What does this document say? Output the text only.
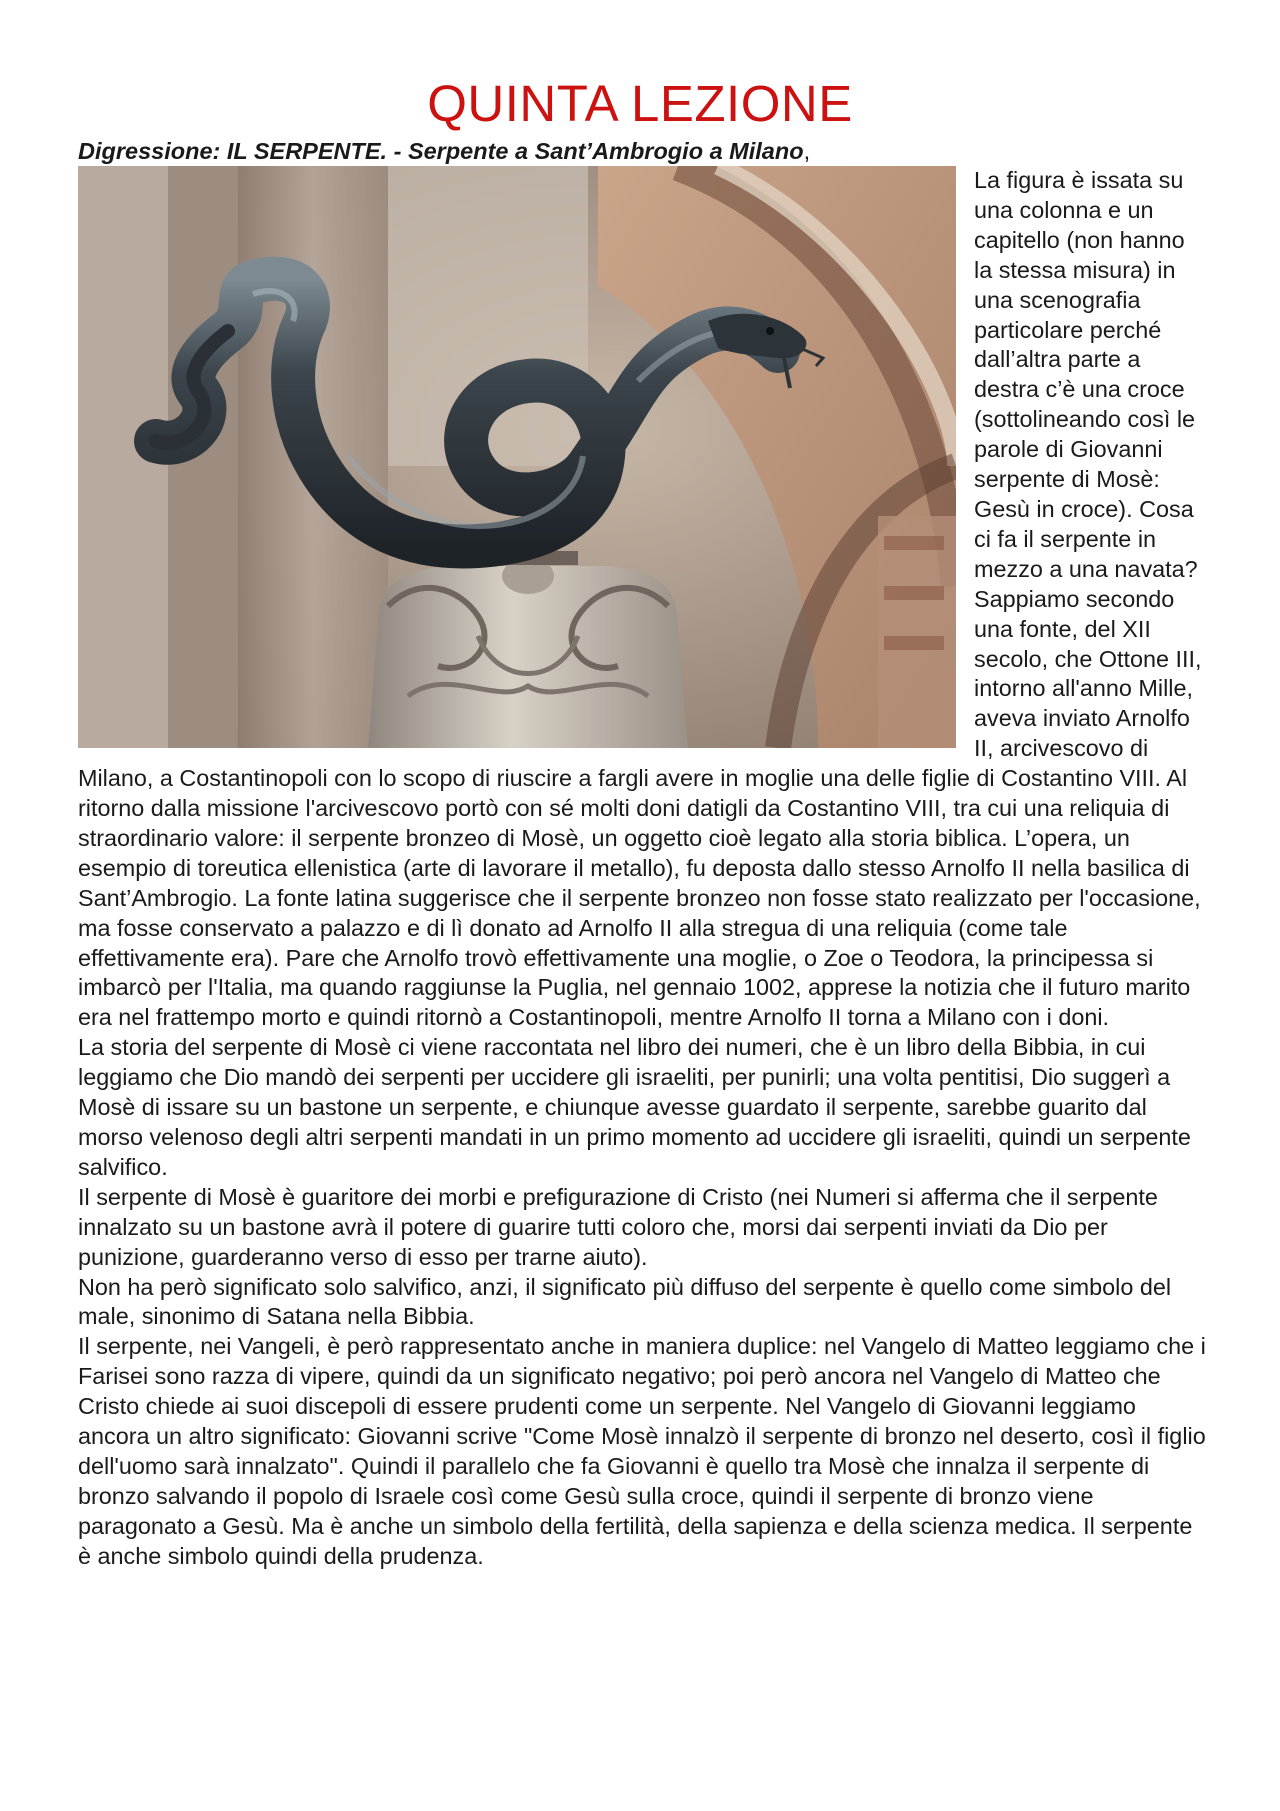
QUINTA LEZIONE

Digressione: IL SERPENTE. - Serpente a Sant’Ambrogio a Milano,

La figura è issata su una colonna e un capitello (non hanno la stessa misura) in una scenografia particolare perché dall’altra parte a destra c’è una croce (sottolineando così le parole di Giovanni serpente di Mosè: Gesù in croce). Cosa ci fa il serpente in mezzo a una navata? Sappiamo secondo una fonte, del XII secolo, che Ottone III, intorno all'anno Mille, aveva inviato Arnolfo II, arcivescovo di Milano, a Costantinopoli con lo scopo di riuscire a fargli avere in moglie una delle figlie di Costantino VIII. Al ritorno dalla missione l'arcivescovo portò con sé molti doni datigli da Costantino VIII, tra cui una reliquia di straordinario valore: il serpente bronzeo di Mosè, un oggetto cioè legato alla storia biblica. L’opera, un esempio di toreutica ellenistica (arte di lavorare il metallo), fu deposta dallo stesso Arnolfo II nella basilica di Sant’Ambrogio. La fonte latina suggerisce che il serpente bronzeo non fosse stato realizzato per l'occasione, ma fosse conservato a palazzo e di lì donato ad Arnolfo II alla stregua di una reliquia (come tale effettivamente era). Pare che Arnolfo trovò effettivamente una moglie, o Zoe o Teodora, la principessa si imbarcò per l'Italia, ma quando raggiunse la Puglia, nel gennaio 1002, apprese la notizia che il futuro marito era nel frattempo morto e quindi ritornò a Costantinopoli, mentre Arnolfo II torna a Milano con i doni.

La storia del serpente di Mosè ci viene raccontata nel libro dei numeri, che è un libro della Bibbia, in cui leggiamo che Dio mandò dei serpenti per uccidere gli israeliti, per punirli; una volta pentitisi, Dio suggerì a Mosè di issare su un bastone un serpente, e chiunque avesse guardato il serpente, sarebbe guarito dal morso velenoso degli altri serpenti mandati in un primo momento ad uccidere gli israeliti, quindi un serpente salvifico.

Il serpente di Mosè è guaritore dei morbi e prefigurazione di Cristo (nei Numeri si afferma che il serpente innalzato su un bastone avrà il potere di guarire tutti coloro che, morsi dai serpenti inviati da Dio per punizione, guarderanno verso di esso per trarne aiuto).

Non ha però significato solo salvifico, anzi, il significato più diffuso del serpente è quello come simbolo del male, sinonimo di Satana nella Bibbia.

Il serpente, nei Vangeli, è però rappresentato anche in maniera duplice: nel Vangelo di Matteo leggiamo che i Farisei sono razza di vipere, quindi da un significato negativo; poi però ancora nel Vangelo di Matteo che Cristo chiede ai suoi discepoli di essere prudenti come un serpente. Nel Vangelo di Giovanni leggiamo ancora un altro significato: Giovanni scrive "Come Mosè innalzò il serpente di bronzo nel deserto, così il figlio dell'uomo sarà innalzato". Quindi il parallelo che fa Giovanni è quello tra Mosè che innalza il serpente di bronzo salvando il popolo di Israele così come Gesù sulla croce, quindi il serpente di bronzo viene paragonato a Gesù. Ma è anche un simbolo della fertilità, della sapienza e della scienza medica. Il serpente è anche simbolo quindi della prudenza.
